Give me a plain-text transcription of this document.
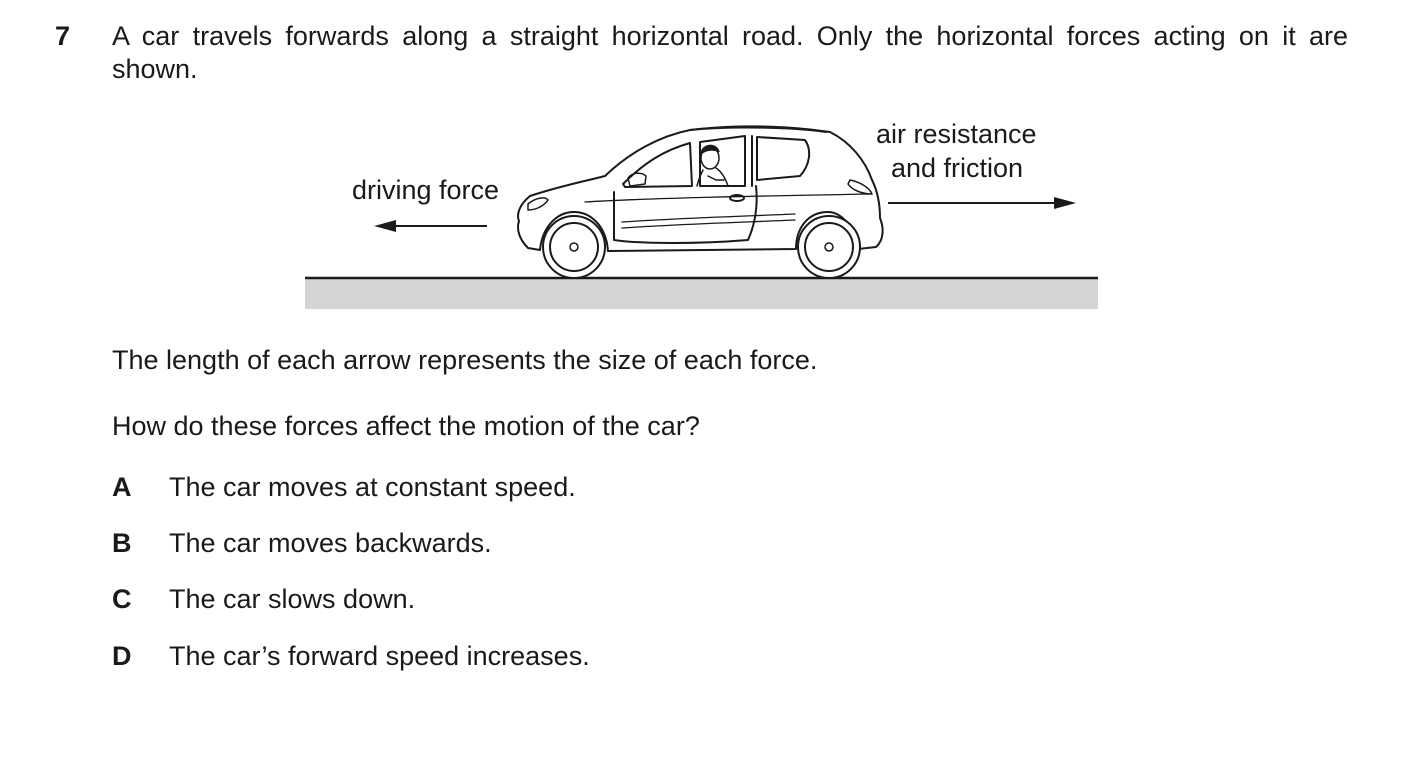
7 A car travels forwards along a straight horizontal road. Only the horizontal forces acting on it are shown.
driving force
air resistance
and friction
The length of each arrow represents the size of each force.
How do these forces affect the motion of the car?
A The car moves at constant speed.
B The car moves backwards.
C The car slows down.
D The car’s forward speed increases.
